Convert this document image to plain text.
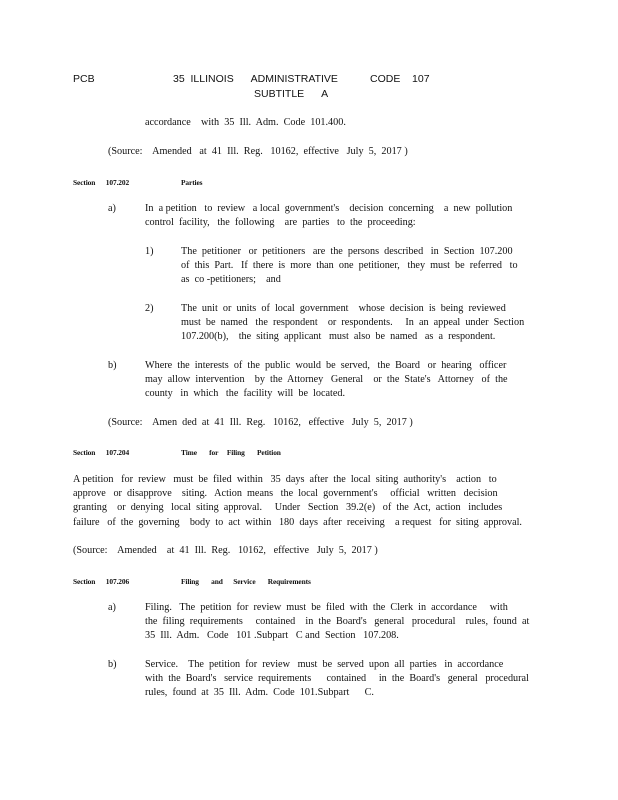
PCB	35  ILLINOIS      ADMINISTRATIVE           CODE    107
SUBTITLE      A
accordance    with  35  Ill.  Adm.  Code  101.400.
(Source:    Amended   at  41  Ill.  Reg.   10162,  effective   July  5,  2017 )
Section      107.202	Parties
a)	In  a petition   to  review   a local  government's    decision  concerning    a  new  pollution
control  facility,   the  following    are  parties   to  the  proceeding:
1)	The  petitioner   or  petitioners   are  the  persons  described   in  Section  107.200
of  this  Part.   If  there  is  more  than  one  petitioner,   they  must  be  referred   to
as  co -petitioners;    and
2)	The  unit  or  units  of  local  government    whose  decision  is  being  reviewed
must  be  named   the  respondent    or  respondents.     In  an  appeal  under  Section
107.200(b),    the  siting  applicant   must  also  be  named   as  a  respondent.
b)	Where  the  interests  of  the  public  would  be  served,   the  Board   or  hearing   officer
may  allow  intervention    by  the  Attorney   General    or  the  State's   Attorney   of  the
county   in  which   the  facility  will  be  located.
(Source:    Amen  ded  at  41  Ill.  Reg.   10162,   effective   July  5,  2017 )
Section      107.204	Time       for     Filing       Petition
A petition   for  review   must  be  filed  within   35  days  after  the  local  siting  authority's    action   to
approve   or  disapprove    siting.   Action  means   the  local  government's     official   written   decision
granting    or  denying   local  siting  approval.     Under   Section   39.2(e)   of  the  Act,  action   includes
failure   of  the  governing    body  to  act  within   180  days  after  receiving    a request   for  siting  approval.
(Source:    Amended    at  41  Ill.  Reg.   10162,   effective   July  5,  2017 )
Section      107.206	Filing       and      Service       Requirements
a)	Filing.   The  petition  for  review  must  be  filed  with  the  Clerk  in  accordance     with
the  filing  requirements     contained    in  the  Board's   general   procedural    rules,  found  at
35  Ill.  Adm.   Code   101 .Subpart   C and  Section   107.208.
b)	Service.    The  petition  for  review   must  be  served  upon  all  parties   in  accordance
with  the  Board's   service  requirements      contained     in  the  Board's   general   procedural
rules,  found  at  35  Ill.  Adm.  Code  101.Subpart      C.
